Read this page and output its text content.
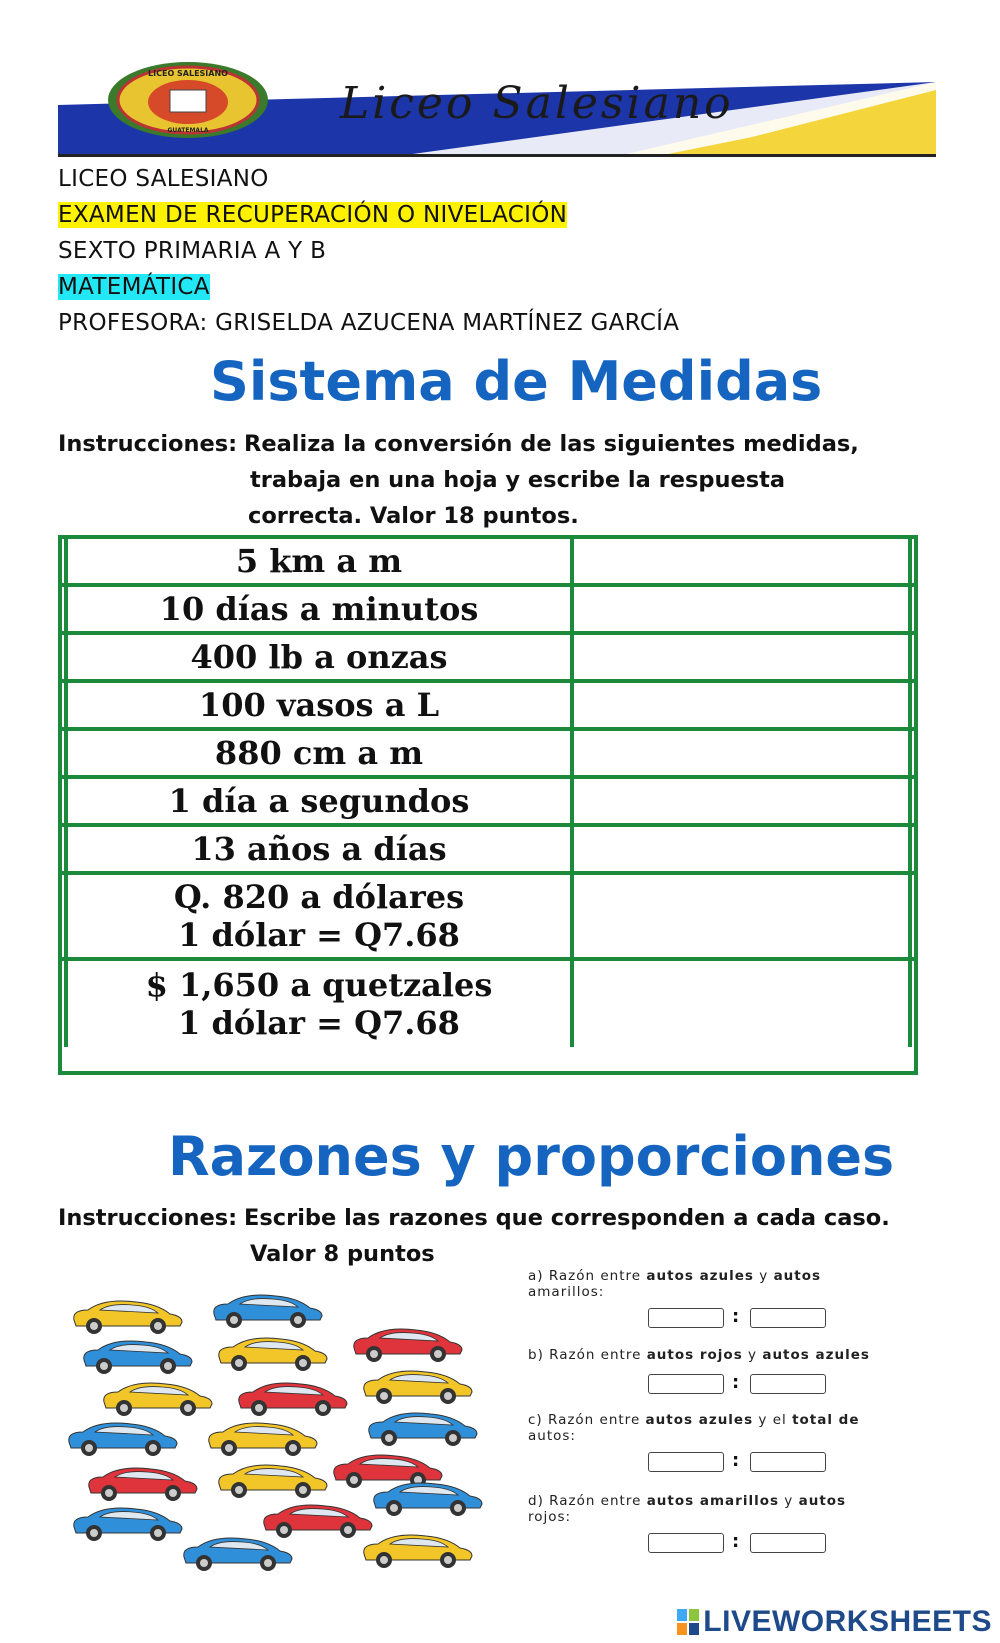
LICEO SALESIANO
GUATEMALA
Liceo Salesiano
LICEO SALESIANO
EXAMEN DE RECUPERACIÓN O NIVELACIÓN
SEXTO PRIMARIA A Y B
MATEMÁTICA
PROFESORA: GRISELDA AZUCENA MARTÍNEZ GARCÍA
Sistema de Medidas
Instrucciones: Realiza la conversión de las siguientes medidas,
trabaja en una hoja y escribe la respuesta
correcta. Valor 18 puntos.
5 km a m
10 días a minutos
400 lb a onzas
100 vasos a L
880 cm a m
1 día a segundos
13 años a días
Q. 820 a dólares
1 dólar = Q7.68
$ 1,650 a quetzales
1 dólar = Q7.68
Razones y proporciones
Instrucciones: Escribe las razones que corresponden a cada caso.
Valor 8 puntos
a) Razón entre autos azules y autos
amarillos:
:
b) Razón entre autos rojos y autos azules

:
c) Razón entre autos azules y el total de
autos:
:
d) Razón entre autos amarillos y autos
rojos:
:
LIVEWORKSHEETS
